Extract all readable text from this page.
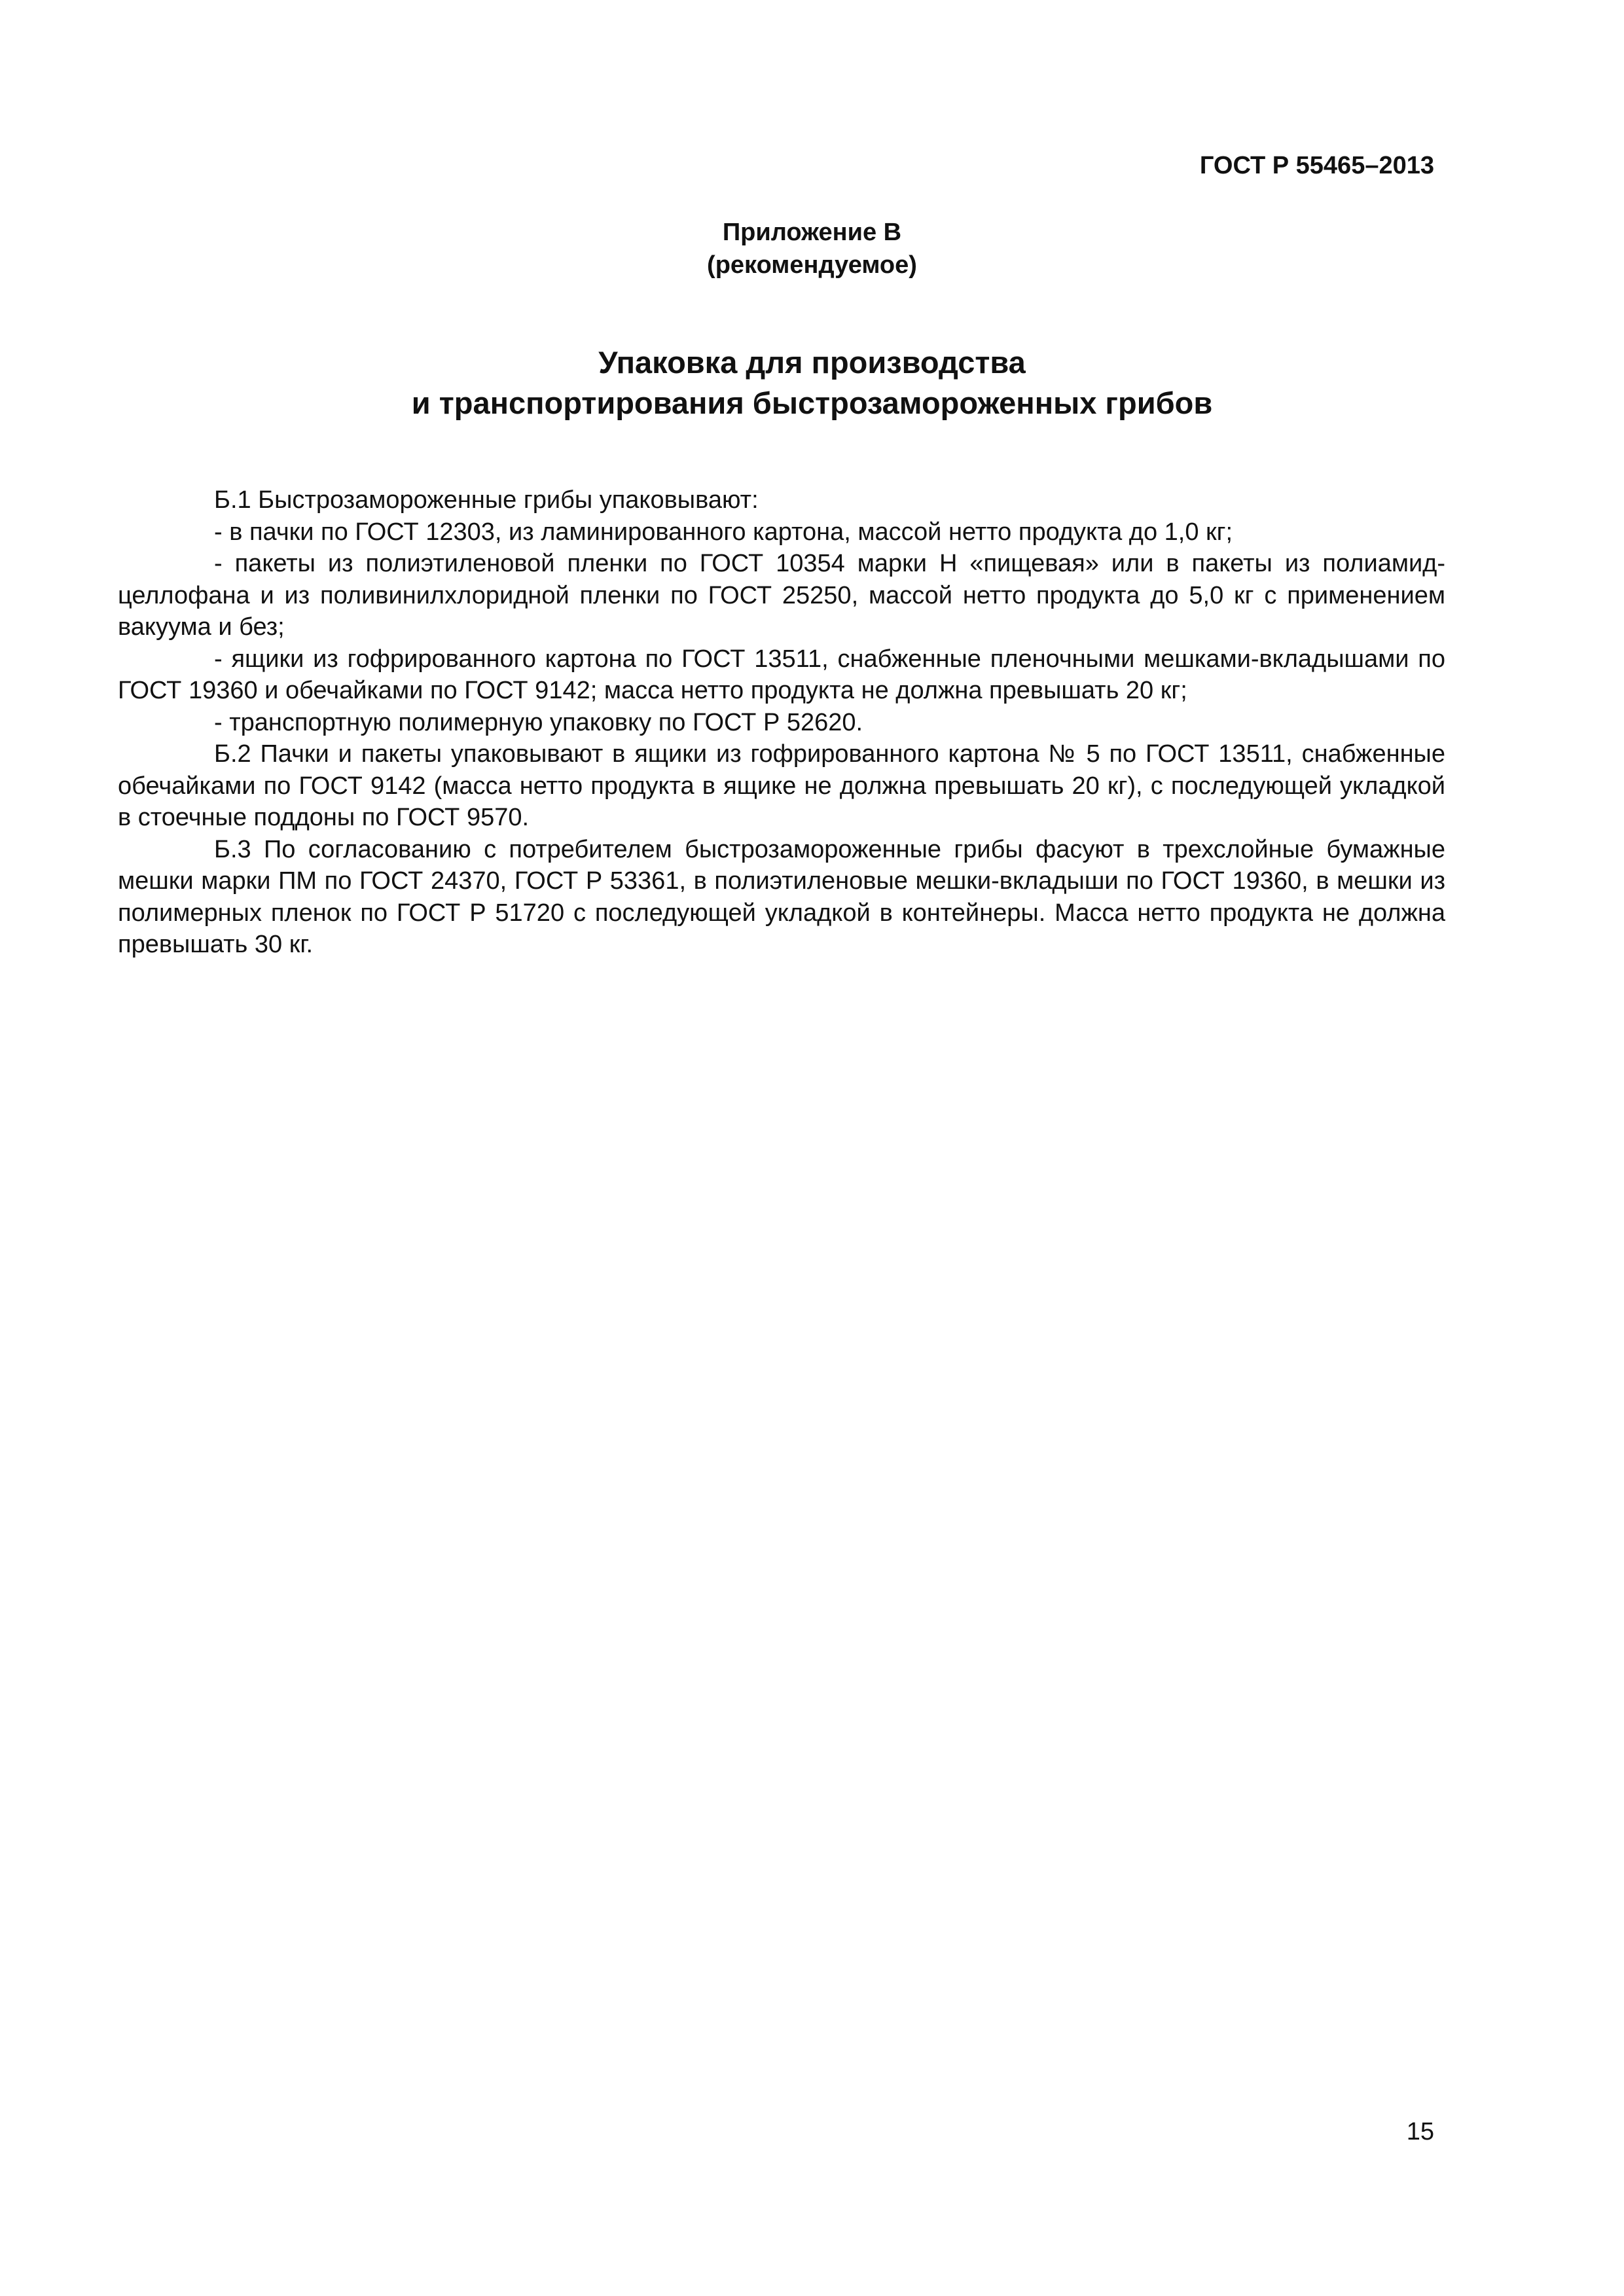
ГОСТ Р 55465–2013
Приложение В
(рекомендуемое)
Упаковка для производства
и транспортирования быстрозамороженных грибов

Б.1 Быстрозамороженные грибы упаковывают:

- в пачки по ГОСТ 12303, из ламинированного картона, массой нетто продукта до 1,0 кг;

- пакеты из полиэтиленовой пленки по ГОСТ 10354 марки Н «пищевая» или в пакеты из полиамид-целлофана и из поливинилхлоридной пленки по ГОСТ 25250, массой нетто продукта до 5,0 кг с применением вакуума и без;

- ящики из гофрированного картона по ГОСТ 13511, снабженные пленочными мешками-вкладышами по ГОСТ 19360 и обечайками по ГОСТ 9142; масса нетто продукта не должна превышать 20 кг;

- транспортную полимерную упаковку по ГОСТ Р 52620.

Б.2 Пачки и пакеты упаковывают в ящики из гофрированного картона № 5 по ГОСТ 13511, снабженные обечайками по ГОСТ 9142 (масса нетто продукта в ящике не должна превышать 20 кг), с последующей укладкой в стоечные поддоны по ГОСТ 9570.

Б.3 По согласованию с потребителем быстрозамороженные грибы фасуют в трехслойные бумажные мешки марки ПМ по ГОСТ 24370, ГОСТ Р 53361, в полиэтиленовые мешки-вкладыши по ГОСТ 19360, в мешки из полимерных пленок по ГОСТ Р 51720 с последующей укладкой в контейнеры. Масса нетто продукта не должна превышать 30 кг.

15
